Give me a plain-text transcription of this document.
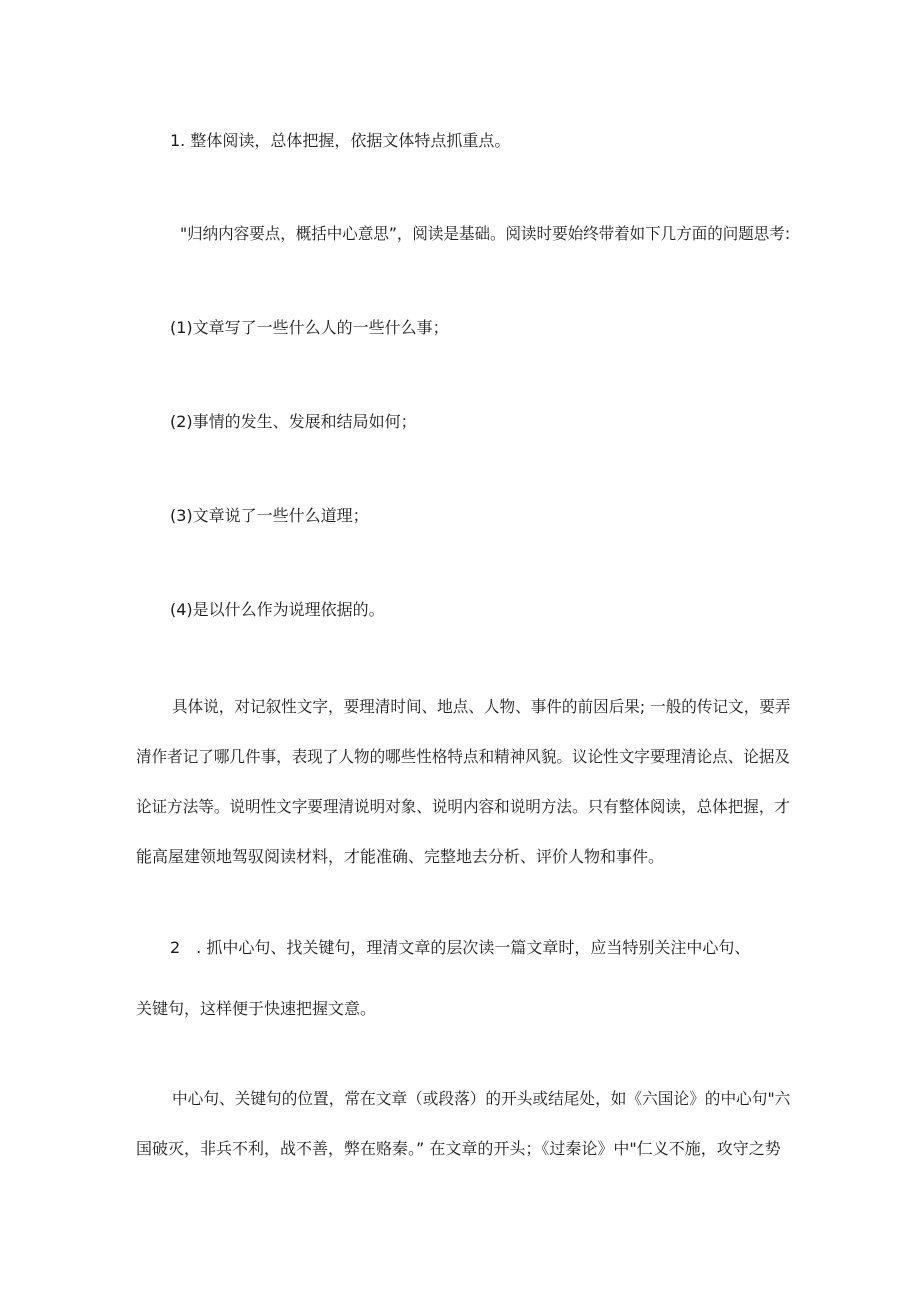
1. 整体阅读，总体把握，依据文体特点抓重点。
"归纳内容要点，概括中心意思”，阅读是基础。阅读时要始终带着如下几方面的问题思考:
(1)文章写了一些什么人的一些什么事；
(2)事情的发生、发展和结局如何；
(3)文章说了一些什么道理；
(4)是以什么作为说理依据的。
具体说，对记叙性文字，要理清时间、地点、人物、事件的前因后果; 一般的传记文，要弄
清作者记了哪几件事，表现了人物的哪些性格特点和精神风貌。议论性文字要理清论点、论据及
论证方法等。说明性文字要理清说明对象、说明内容和说明方法。只有整体阅读，总体把握，才
能高屋建领地驾驭阅读材料，才能准确、完整地去分析、评价人物和事件。
2　. 抓中心句、找关键句，理清文章的层次读一篇文章时，应当特别关注中心句、
关键句，这样便于快速把握文意。
中心句、关键句的位置，常在文章（或段落）的开头或结尾处，如《六国论》的中心句"六
国破灭，非兵不利，战不善，弊在赂秦。” 在文章的开头；《过秦论》中"仁义不施，攻守之势
